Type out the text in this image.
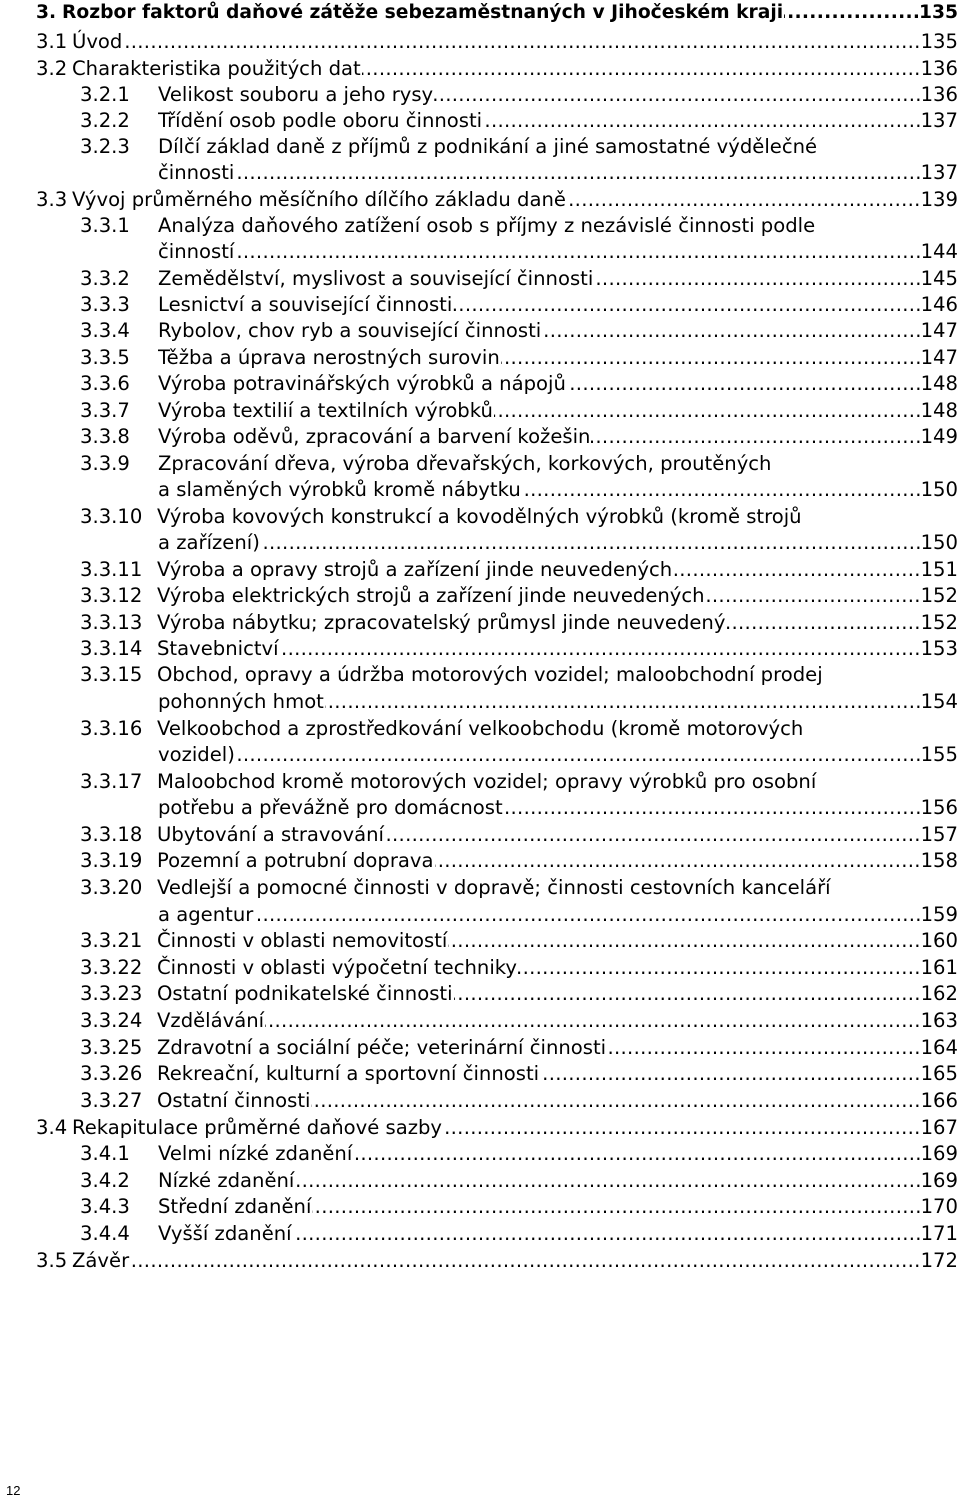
3. Rozbor faktorů daňové zátěže sebezaměstnaných v Jihočeském kraji	135
.....
3.1 Úvod	135
.....
3.2 Charakteristika použitých dat	136
.....
3.2.1 Velikost souboru a jeho rysy	136
.....
3.2.2 Třídění osob podle oboru činnosti	137
.....
3.2.3 Dílčí základ daně z příjmů z podnikání a jiné samostatné výdělečné
činnosti	137
.....
3.3 Vývoj průměrného měsíčního dílčího základu daně	139
.....
3.3.1 Analýza daňového zatížení osob s příjmy z nezávislé činnosti podle
činností	144
.....
3.3.2 Zemědělství, myslivost a související činnosti	145
.....
3.3.3 Lesnictví a související činnosti	146
.....
3.3.4 Rybolov, chov ryb a související činnosti	147
.....
3.3.5 Těžba a úprava nerostných surovin	147
.....
3.3.6 Výroba potravinářských výrobků a nápojů	148
.....
3.3.7 Výroba textilií a textilních výrobků	148
.....
3.3.8 Výroba oděvů, zpracování a barvení kožešin	149
.....
3.3.9 Zpracování dřeva, výroba dřevařských, korkových, proutěných
a slaměných výrobků kromě nábytku	150
.....
3.3.10 Výroba kovových konstrukcí a kovodělných výrobků (kromě strojů
a zařízení)	150
.....
3.3.11 Výroba a opravy strojů a zařízení jinde neuvedených	151
.....
3.3.12 Výroba elektrických strojů a zařízení jinde neuvedených	152
.....
3.3.13 Výroba nábytku; zpracovatelský průmysl jinde neuvedený	152
.....
3.3.14 Stavebnictví	153
.....
3.3.15 Obchod, opravy a údržba motorových vozidel; maloobchodní prodej
pohonných hmot	154
.....
3.3.16 Velkoobchod a zprostředkování velkoobchodu (kromě motorových
vozidel)	155
.....
3.3.17 Maloobchod kromě motorových vozidel; opravy výrobků pro osobní
potřebu a převážně pro domácnost	156
.....
3.3.18 Ubytování a stravování	157
.....
3.3.19 Pozemní a potrubní doprava	158
.....
3.3.20 Vedlejší a pomocné činnosti v dopravě; činnosti cestovních kanceláří
a agentur	159
.....
3.3.21 Činnosti v oblasti nemovitostí	160
.....
3.3.22 Činnosti v oblasti výpočetní techniky	161
.....
3.3.23 Ostatní podnikatelské činnosti	162
.....
3.3.24 Vzdělávání	163
.....
3.3.25 Zdravotní a sociální péče; veterinární činnosti	164
.....
3.3.26 Rekreační, kulturní a sportovní činnosti	165
.....
3.3.27 Ostatní činnosti	166
.....
3.4 Rekapitulace průměrné daňové sazby	167
.....
3.4.1 Velmi nízké zdanění	169
.....
3.4.2 Nízké zdanění	169
.....
3.4.3 Střední zdanění	170
.....
3.4.4 Vyšší zdanění	171
.....
3.5 Závěr	172
.....
12
